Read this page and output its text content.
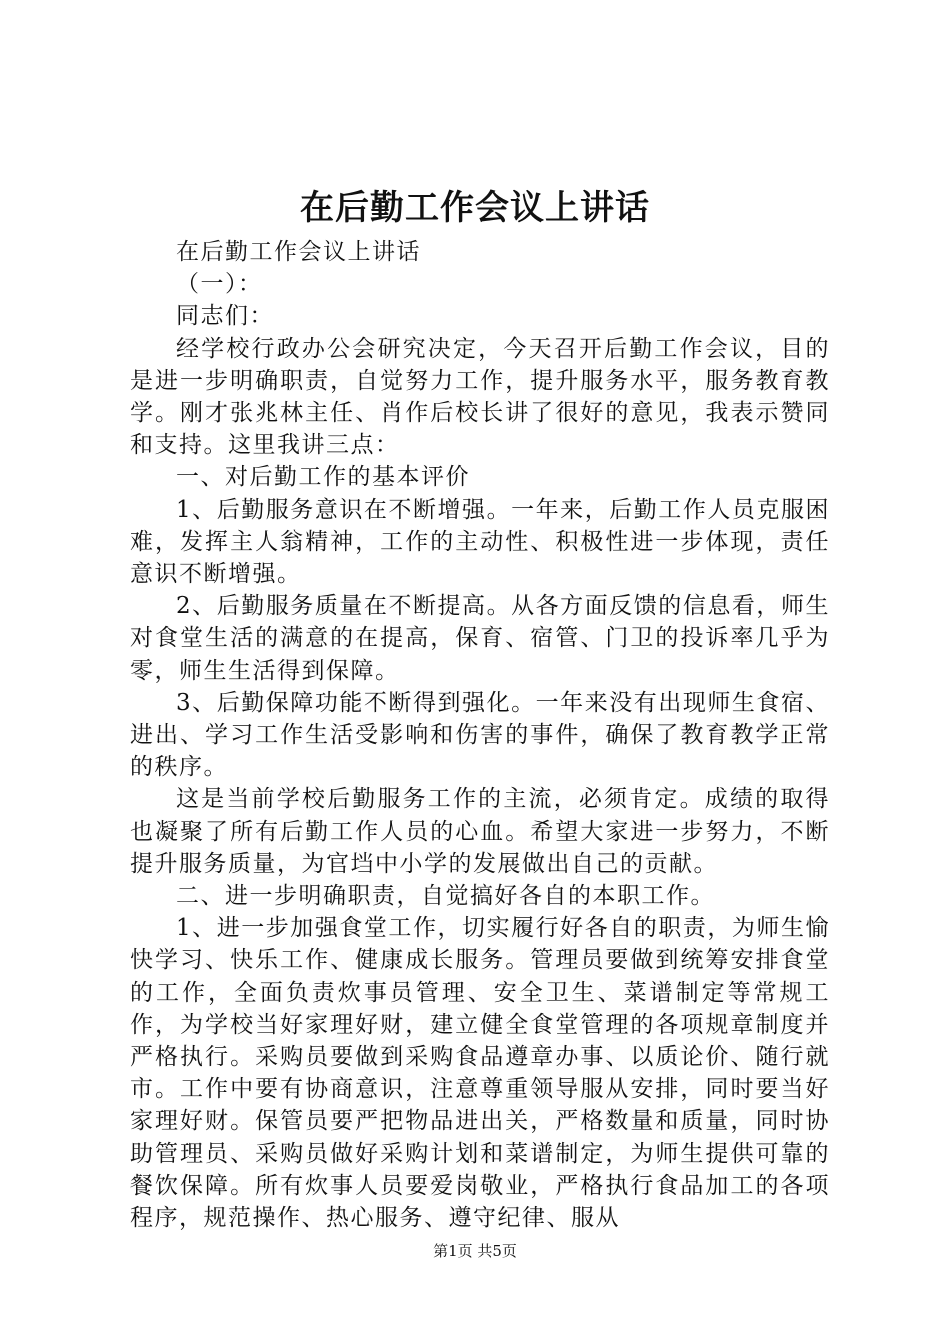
在后勤工作会议上讲话

在后勤工作会议上讲话

（一）：

同志们：

经学校行政办公会研究决定，今天召开后勤工作会议，目的是进一步明确职责，自觉努力工作，提升服务水平，服务教育教学。刚才张兆林主任、肖作后校长讲了很好的意见，我表示赞同和支持。这里我讲三点：

一、对后勤工作的基本评价

1、后勤服务意识在不断增强。一年来，后勤工作人员克服困难，发挥主人翁精神，工作的主动性、积极性进一步体现，责任意识不断增强。

2、后勤服务质量在不断提高。从各方面反馈的信息看，师生对食堂生活的满意的在提高，保育、宿管、门卫的投诉率几乎为零，师生生活得到保障。

3、后勤保障功能不断得到强化。一年来没有出现师生食宿、进出、学习工作生活受影响和伤害的事件，确保了教育教学正常的秩序。

这是当前学校后勤服务工作的主流，必须肯定。成绩的取得也凝聚了所有后勤工作人员的心血。希望大家进一步努力，不断提升服务质量，为官垱中小学的发展做出自己的贡献。

二、进一步明确职责，自觉搞好各自的本职工作。

1、进一步加强食堂工作，切实履行好各自的职责，为师生愉快学习、快乐工作、健康成长服务。管理员要做到统筹安排食堂的工作，全面负责炊事员管理、安全卫生、菜谱制定等常规工作，为学校当好家理好财，建立健全食堂管理的各项规章制度并严格执行。采购员要做到采购食品遵章办事、以质论价、随行就市。工作中要有协商意识，注意尊重领导服从安排，同时要当好家理好财。保管员要严把物品进出关，严格数量和质量，同时协助管理员、采购员做好采购计划和菜谱制定，为师生提供可靠的餐饮保障。所有炊事人员要爱岗敬业，严格执行食品加工的各项程序，规范操作、热心服务、遵守纪律、服从

第1页 共5页
